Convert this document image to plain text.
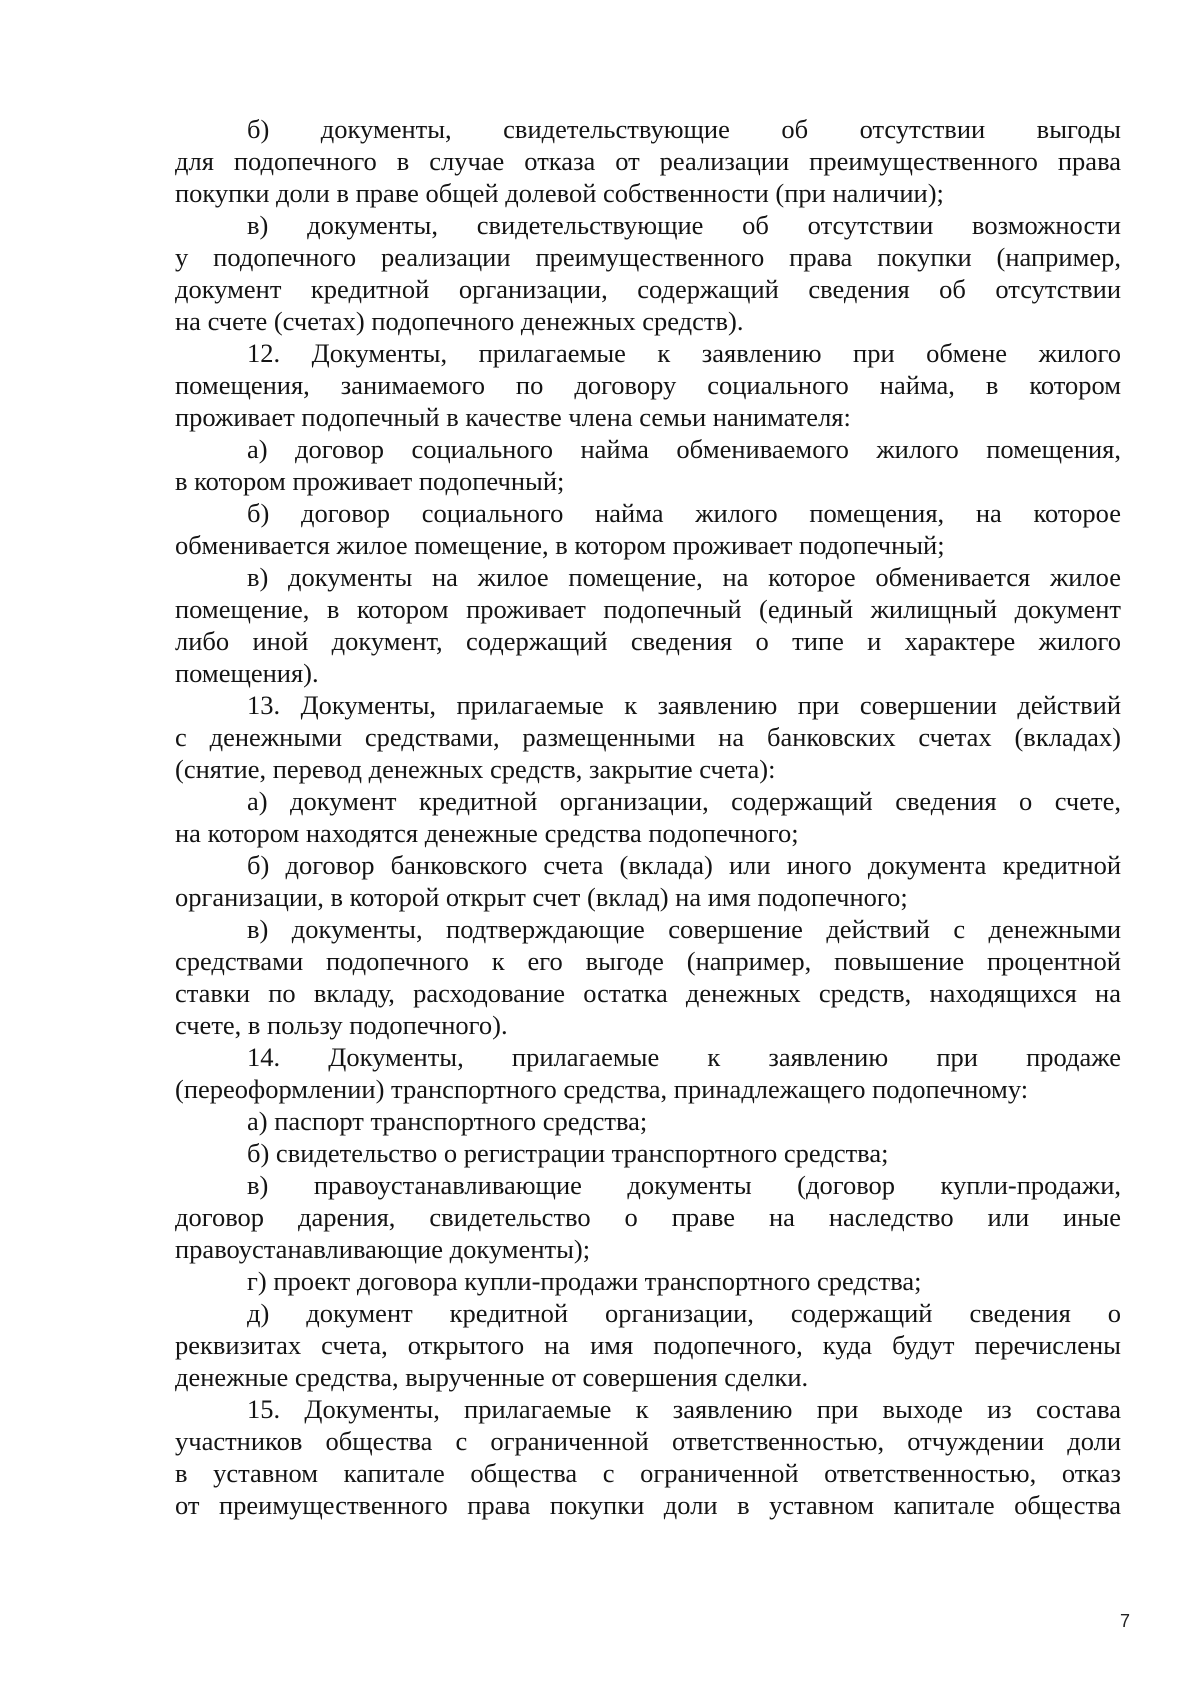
б) документы, свидетельствующие об отсутствии выгоды
для подопечного в случае отказа от реализации преимущественного права
покупки доли в праве общей долевой собственности (при наличии);
в) документы, свидетельствующие об отсутствии возможности
у подопечного реализации преимущественного права покупки (например,
документ кредитной организации, содержащий сведения об отсутствии
на счете (счетах) подопечного денежных средств).
12. Документы, прилагаемые к заявлению при обмене жилого
помещения, занимаемого по договору социального найма, в котором
проживает подопечный в качестве члена семьи нанимателя:
а) договор социального найма обмениваемого жилого помещения,
в котором проживает подопечный;
б) договор социального найма жилого помещения, на которое
обменивается жилое помещение, в котором проживает подопечный;
в) документы на жилое помещение, на которое обменивается жилое
помещение, в котором проживает подопечный (единый жилищный документ
либо иной документ, содержащий сведения о типе и характере жилого
помещения).
13. Документы, прилагаемые к заявлению при совершении действий
с денежными средствами, размещенными на банковских счетах (вкладах)
(снятие, перевод денежных средств, закрытие счета):
а) документ кредитной организации, содержащий сведения о счете,
на котором находятся денежные средства подопечного;
б) договор банковского счета (вклада) или иного документа кредитной
организации, в которой открыт счет (вклад) на имя подопечного;
в) документы, подтверждающие совершение действий с денежными
средствами подопечного к его выгоде (например, повышение процентной
ставки по вкладу, расходование остатка денежных средств, находящихся на
счете, в пользу подопечного).
14. Документы, прилагаемые к заявлению при продаже
(переоформлении) транспортного средства, принадлежащего подопечному:
а) паспорт транспортного средства;
б) свидетельство о регистрации транспортного средства;
в) правоустанавливающие документы (договор купли-продажи,
договор дарения, свидетельство о праве на наследство или иные
правоустанавливающие документы);
г) проект договора купли-продажи транспортного средства;
д) документ кредитной организации, содержащий сведения о
реквизитах счета, открытого на имя подопечного, куда будут перечислены
денежные средства, вырученные от совершения сделки.
15. Документы, прилагаемые к заявлению при выходе из состава
участников общества с ограниченной ответственностью, отчуждении доли
в уставном капитале общества с ограниченной ответственностью, отказ
от преимущественного права покупки доли в уставном капитале общества
7
